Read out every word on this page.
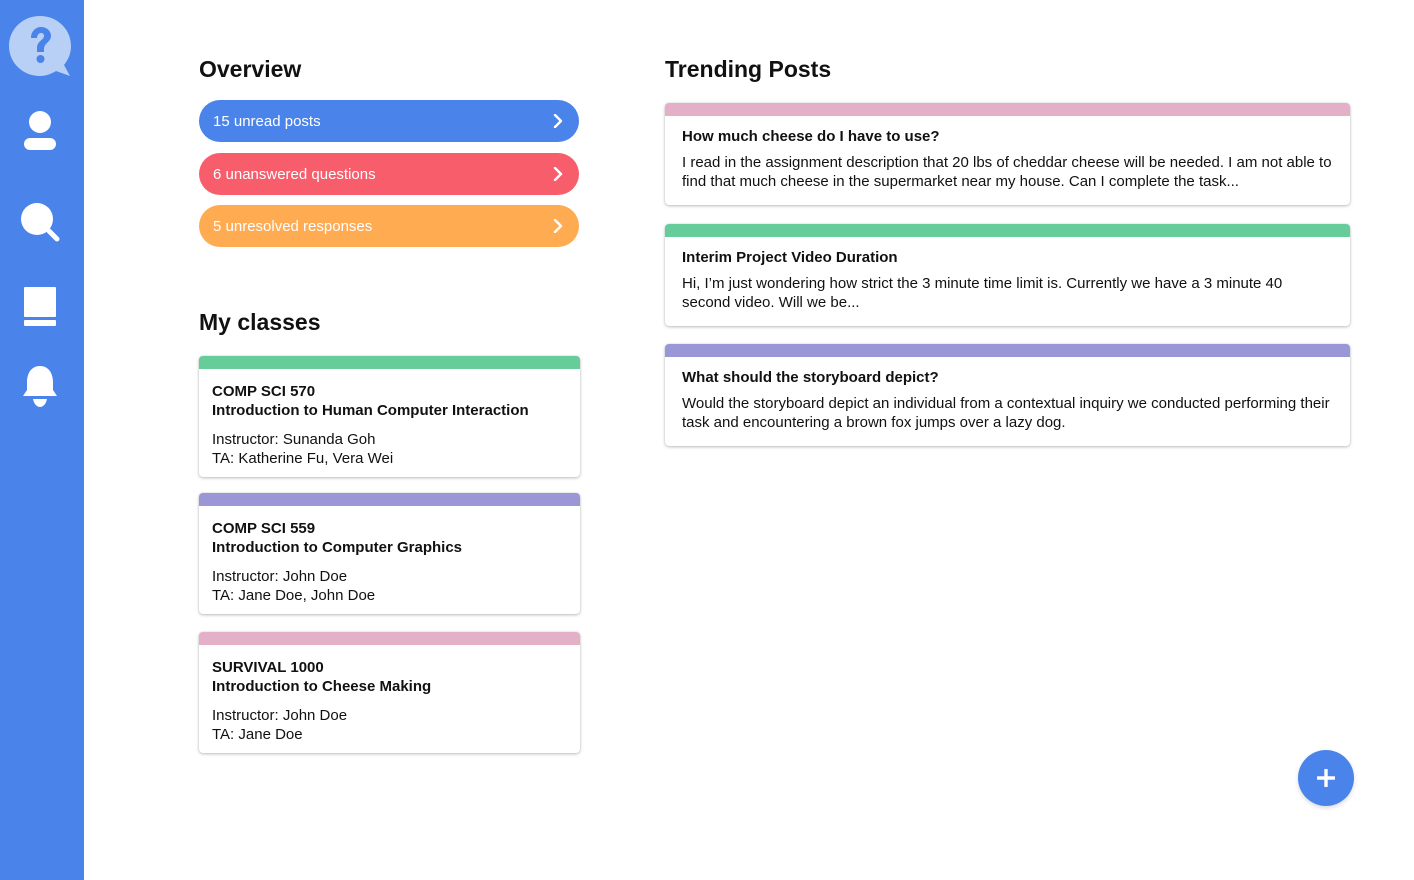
Overview
15 unread posts
6 unanswered questions
5 unresolved responses
My classes
COMP SCI 570
Introduction to Human Computer Interaction
Instructor: Sunanda Goh
TA: Katherine Fu, Vera Wei
COMP SCI 559
Introduction to Computer Graphics
Instructor: John Doe
TA: Jane Doe, John Doe
SURVIVAL 1000
Introduction to Cheese Making
Instructor: John Doe
TA: Jane Doe
Trending Posts
How much cheese do I have to use?
I read in the assignment description that 20 lbs of cheddar cheese will be needed. I am not able to find that much cheese in the supermarket near my house. Can I complete the task...
Interim Project Video Duration
Hi, I’m just wondering how strict the 3 minute time limit is. Currently we have a 3 minute 40 second video. Will we be...
What should the storyboard depict?
Would the storyboard depict an individual from a contextual inquiry we conducted performing their task and encountering a brown fox jumps over a lazy dog.
